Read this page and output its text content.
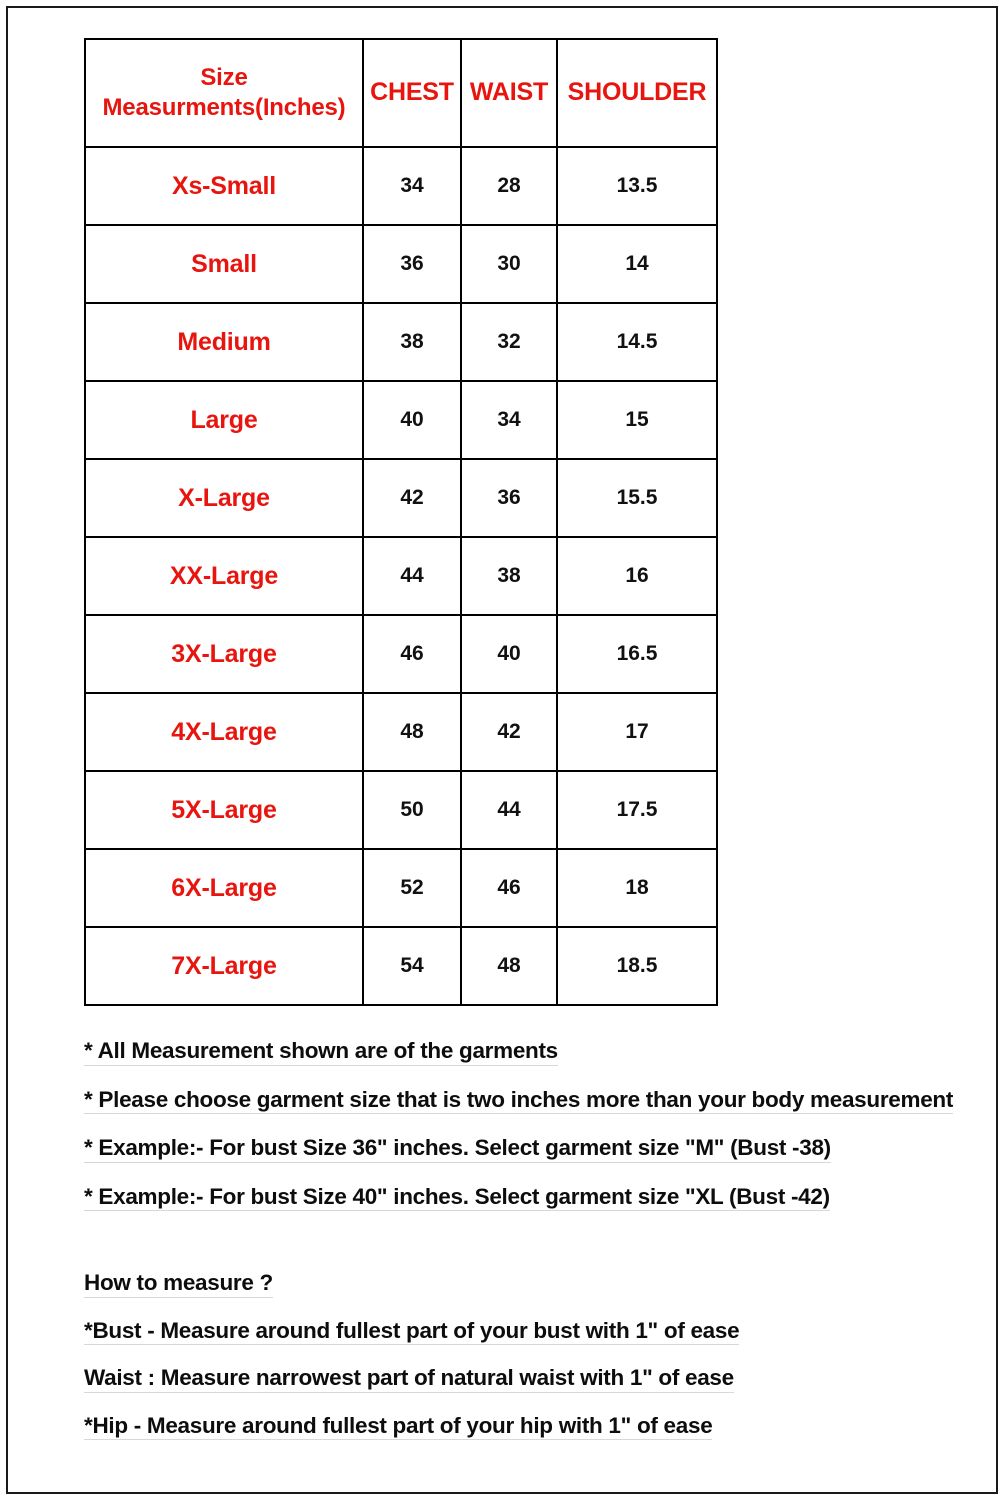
Size
Measurments(Inches)	CHEST	WAIST	SHOULDER
Xs-Small	34	28	13.5
Small	36	30	14
Medium	38	32	14.5
Large	40	34	15
X-Large	42	36	15.5
XX-Large	44	38	16
3X-Large	46	40	16.5
4X-Large	48	42	17
5X-Large	50	44	17.5
6X-Large	52	46	18
7X-Large	54	48	18.5

* All Measurement shown are of the garments

* Please choose garment size that is two inches more than your body measurement

* Example:- For bust Size 36" inches. Select garment size "M" (Bust -38)

* Example:- For bust Size 40" inches. Select garment size "XL (Bust -42)

How to measure ?

*Bust - Measure around fullest part of your bust with 1" of ease

Waist : Measure narrowest part of natural waist with 1" of ease

*Hip - Measure around fullest part of your hip with 1" of ease
